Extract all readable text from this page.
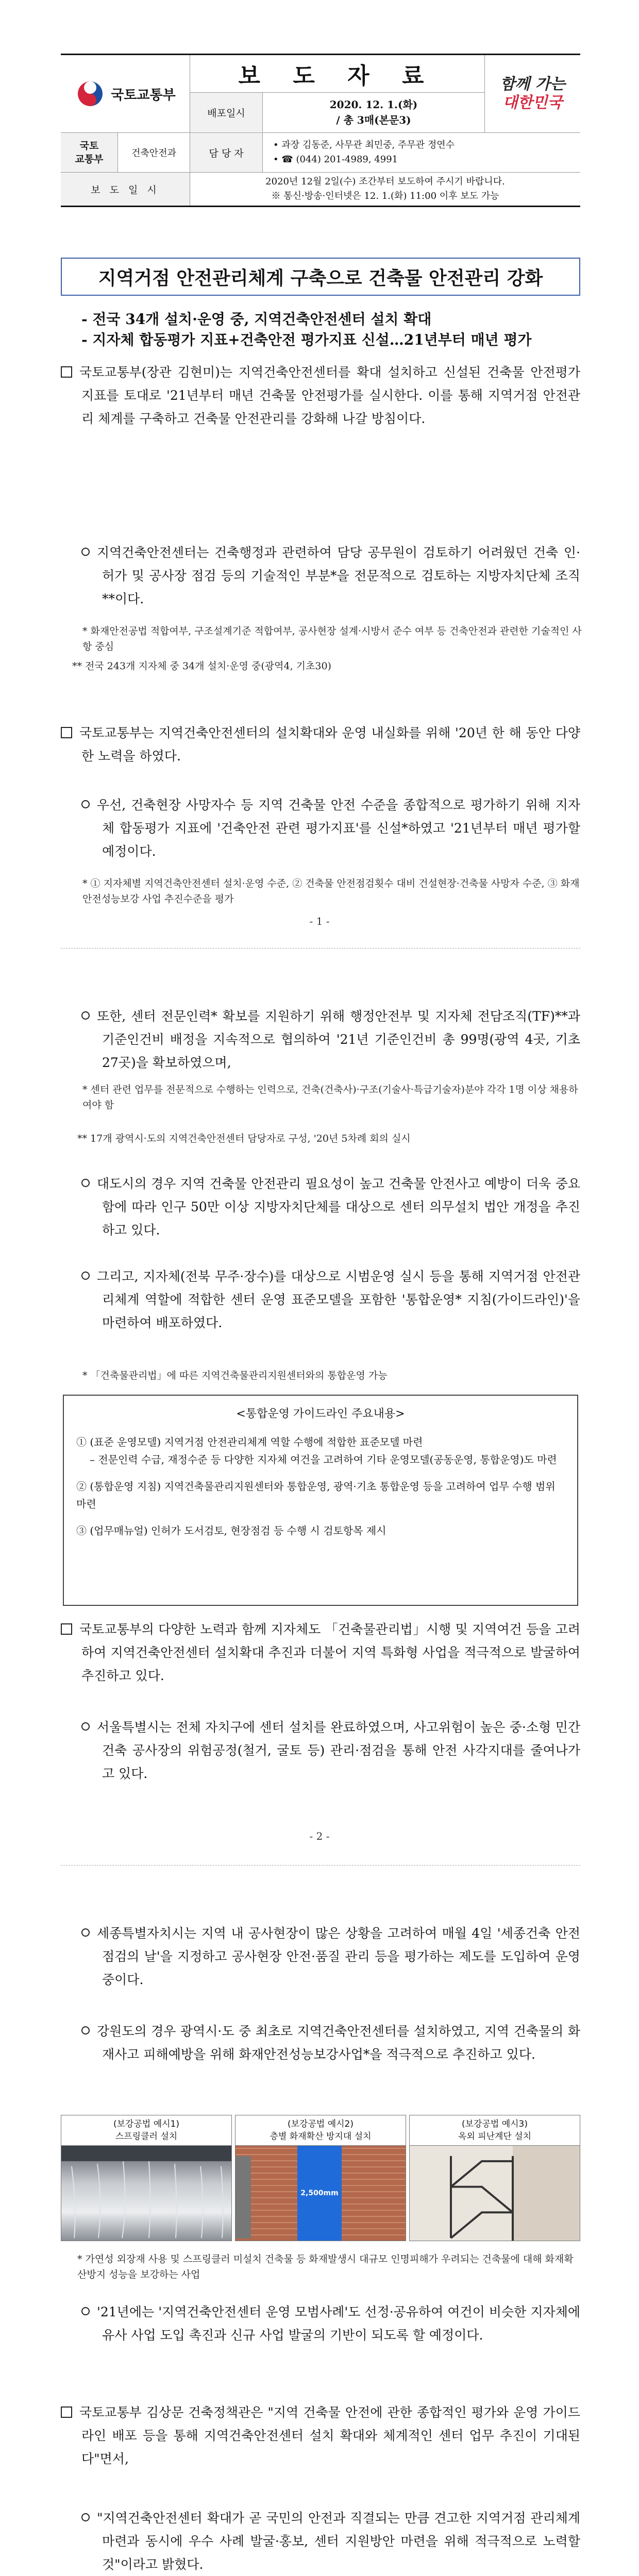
국토교통부
보 도 자 료
배포일시
2020. 12. 1.(화)
/ 총 3매(본문3)
함께 가는
대한민국
국토
교통부
건축안전과	담 당 자
• 과장 김동준, 사무관 최민중, 주무관 정연수
• ☎ (044) 201-4989, 4991
보 도 일 시
2020년 12월 2일(수) 조간부터 보도하여 주시기 바랍니다.
※ 통신·방송·인터넷은 12. 1.(화) 11:00 이후 보도 가능
지역거점 안전관리체계 구축으로 건축물 안전관리 강화
- 전국 34개 설치·운영 중, 지역건축안전센터 설치 확대
- 지자체 합동평가 지표+건축안전 평가지표 신설…21년부터 매년 평가
국토교통부(장관 김현미)는 지역건축안전센터를 확대 설치하고 신설된 건축물 안전평가 지표를 토대로 '21년부터 매년 건축물 안전평가를 실시한다. 이를 통해 지역거점 안전관리 체계를 구축하고 건축물 안전관리를 강화해 나갈 방침이다.
지역건축안전센터는 건축행정과 관련하여 담당 공무원이 검토하기 어려웠던 건축 인·허가 및 공사장 점검 등의 기술적인 부분*을 전문적으로 검토하는 지방자치단체 조직**이다.
* 화재안전공법 적합여부, 구조설계기준 적합여부, 공사현장 설계·시방서 준수 여부 등 건축안전과 관련한 기술적인 사항 중심
** 전국 243개 지자체 중 34개 설치·운영 중(광역4, 기초30)
국토교통부는 지역건축안전센터의 설치확대와 운영 내실화를 위해 '20년 한 해 동안 다양한 노력을 하였다.
우선, 건축현장 사망자수 등 지역 건축물 안전 수준을 종합적으로 평가하기 위해 지자체 합동평가 지표에 '건축안전 관련 평가지표'를 신설*하였고 '21년부터 매년 평가할 예정이다.
* ① 지자체별 지역건축안전센터 설치·운영 수준, ② 건축물 안전점검횟수 대비 건설현장·건축물 사망자 수준, ③ 화재안전성능보강 사업 추진수준을 평가
- 1 -
또한, 센터 전문인력* 확보를 지원하기 위해 행정안전부 및 지자체 전담조직(TF)**과 기준인건비 배정을 지속적으로 협의하여 '21년 기준인건비 총 99명(광역 4곳, 기초 27곳)을 확보하였으며,
* 센터 관련 업무를 전문적으로 수행하는 인력으로, 건축(건축사)·구조(기술사·특급기술자)분야 각각 1명 이상 채용하여야 함
** 17개 광역시·도의 지역건축안전센터 담당자로 구성, '20년 5차례 회의 실시
대도시의 경우 지역 건축물 안전관리 필요성이 높고 건축물 안전사고 예방이 더욱 중요함에 따라 인구 50만 이상 지방자치단체를 대상으로 센터 의무설치 법안 개정을 추진하고 있다.
그리고, 지자체(전북 무주·장수)를 대상으로 시범운영 실시 등을 통해 지역거점 안전관리체계 역할에 적합한 센터 운영 표준모델을 포함한 '통합운영* 지침(가이드라인)'을 마련하여 배포하였다.
* 「건축물관리법」에 따른 지역건축물관리지원센터와의 통합운영 가능
<통합운영 가이드라인 주요내용>
① (표준 운영모델) 지역거점 안전관리체계 역할 수행에 적합한 표준모델 마련
– 전문인력 수급, 재정수준 등 다양한 지자체 여건을 고려하여 기타 운영모델(공동운영, 통합운영)도 마련
② (통합운영 지침) 지역건축물관리지원센터와 통합운영, 광역·기초 통합운영 등을 고려하여 업무 수행 범위 마련
③ (업무매뉴얼) 인허가 도서검토, 현장점검 등 수행 시 검토항목 제시
국토교통부의 다양한 노력과 함께 지자체도 「건축물관리법」시행 및 지역여건 등을 고려하여 지역건축안전센터 설치확대 추진과 더불어 지역 특화형 사업을 적극적으로 발굴하여 추진하고 있다.
서울특별시는 전체 자치구에 센터 설치를 완료하였으며, 사고위험이 높은 중·소형 민간건축 공사장의 위험공정(철거, 굴토 등) 관리·점검을 통해 안전 사각지대를 줄여나가고 있다.
- 2 -
세종특별자치시는 지역 내 공사현장이 많은 상황을 고려하여 매월 4일 '세종건축 안전점검의 날'을 지정하고 공사현장 안전·품질 관리 등을 평가하는 제도를 도입하여 운영 중이다.
강원도의 경우 광역시·도 중 최초로 지역건축안전센터를 설치하였고, 지역 건축물의 화재사고 피해예방을 위해 화재안전성능보강사업*을 적극적으로 추진하고 있다.
(보강공법 예시1)
스프링클러 설치
(보강공법 예시2)
층별 화재확산 방지대 설치
2,500mm
(보강공법 예시3)
옥외 피난계단 설치
* 가연성 외장재 사용 및 스프링클러 미설치 건축물 등 화재발생시 대규모 인명피해가 우려되는 건축물에 대해 화재확산방지 성능을 보강하는 사업
'21년에는 '지역건축안전센터 운영 모범사례'도 선정·공유하여 여건이 비슷한 지자체에 유사 사업 도입 촉진과 신규 사업 발굴의 기반이 되도록 할 예정이다.
국토교통부 김상문 건축정책관은 "지역 건축물 안전에 관한 종합적인 평가와 운영 가이드라인 배포 등을 통해 지역건축안전센터 설치 확대와 체계적인 센터 업무 추진이 기대된다"면서,
"지역건축안전센터 확대가 곧 국민의 안전과 직결되는 만큼 견고한 지역거점 관리체계 마련과 동시에 우수 사례 발굴·홍보, 센터 지원방안 마련을 위해 적극적으로 노력할 것"이라고 밝혔다.
